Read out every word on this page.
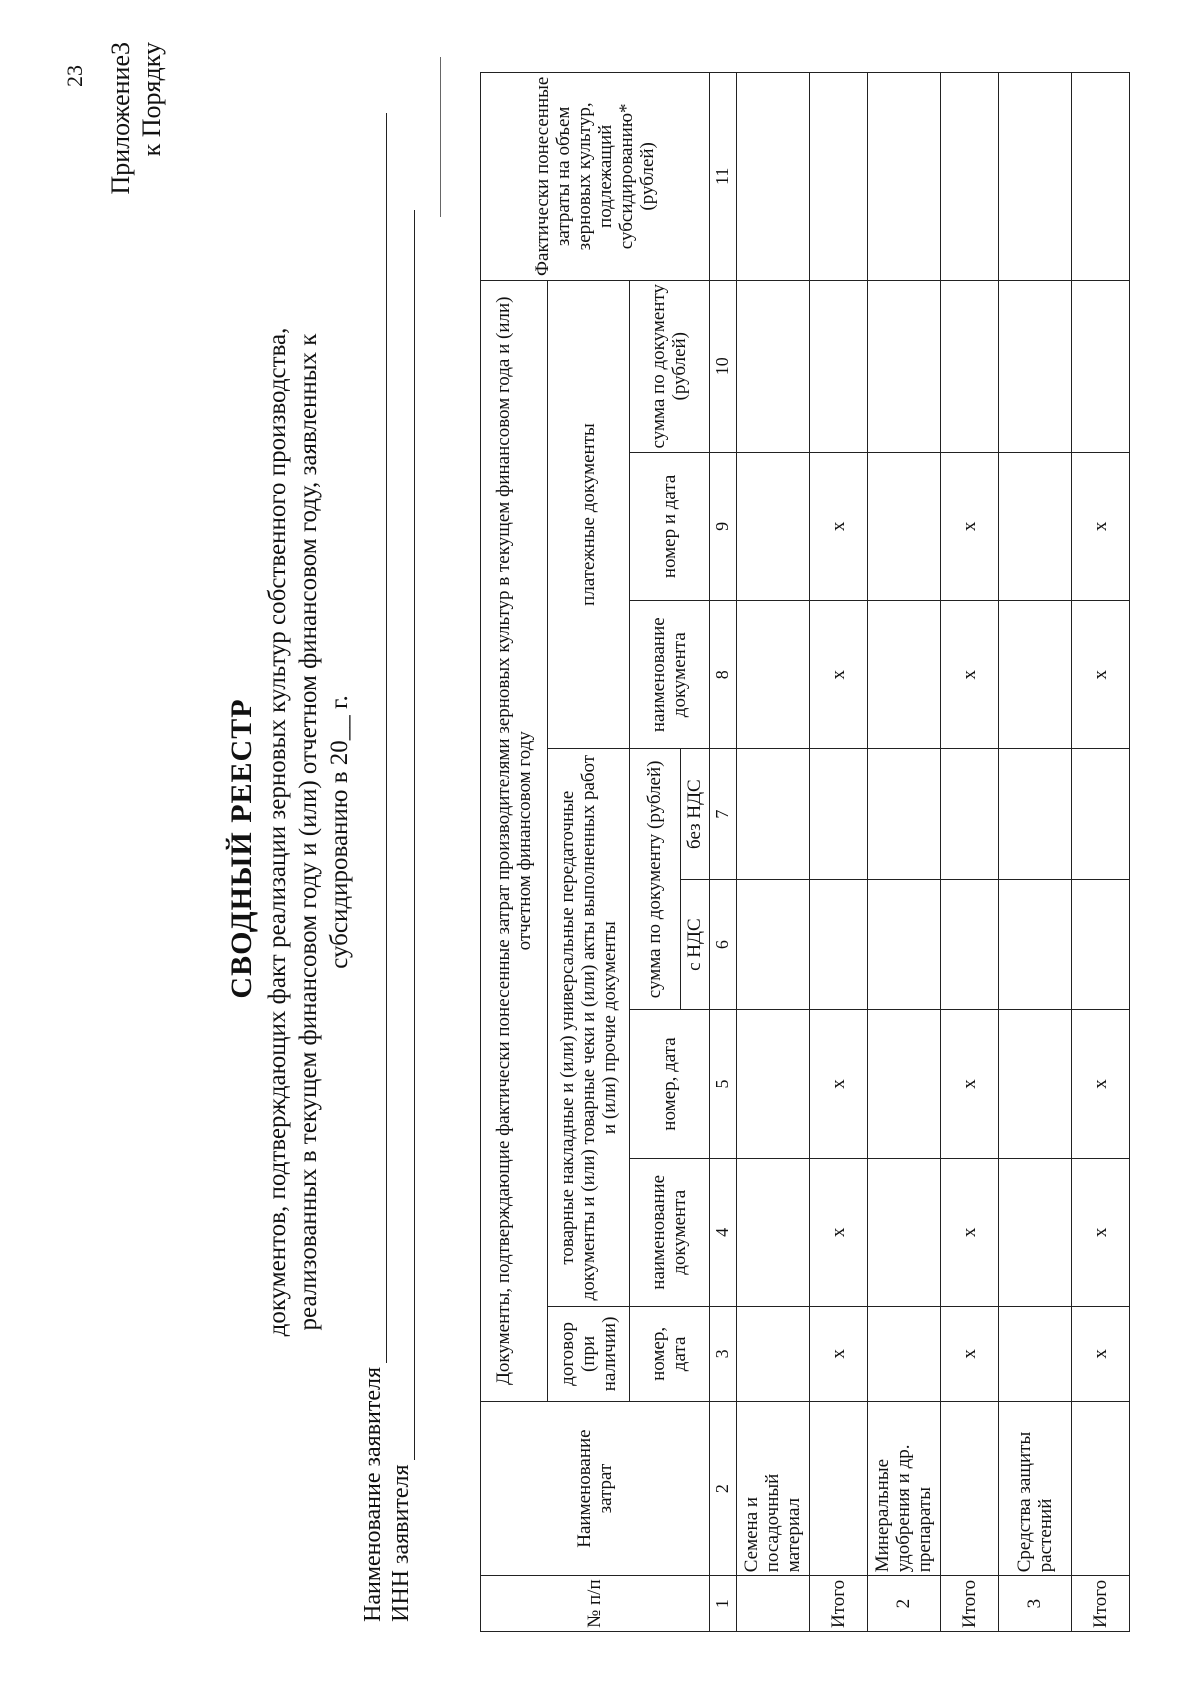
23 Приложение3 к Порядку
СВОДНЫЙ РЕЕСТР документов, подтверждающих факт реализации зерновых культур собственного производства, реализованных в текущем финансовом году и (или) отчетном финансовом году, заявленных к субсидированию в 20__ г.
Наименование заявителя ИНН заявителя	№ п/п	Наименование затрат	Документы, подтверждающие фактически понесенные затрат производителями зерновых культур в текущем финансовом года и (или) отчетном финансовом году								Фактически понесенные затраты на объем зерновых культур, подлежащий субсидированию* (рублей)
		договор (при наличии)	товарные накладные и (или) универсальные передаточные документы и (или) товарные чеки и (или) акты выполненных работ и (или) прочие документы				платежные документы			
		номер, дата	наименование документа	номер, дата	сумма по документу (рублей)		наименование документа	номер и дата	сумма по документу (рублей)	
					с НДС	без НДС				
1	2	3	4	5	6	7	8	9	10	11
	Семена и посадочный материал									
Итого		x	x	x			x	x		
2	Минеральные удобрения и др. препараты									
Итого		x	x	x			x	x		
3	Средства защиты растений									
Итого		x	x	x			x	x		
